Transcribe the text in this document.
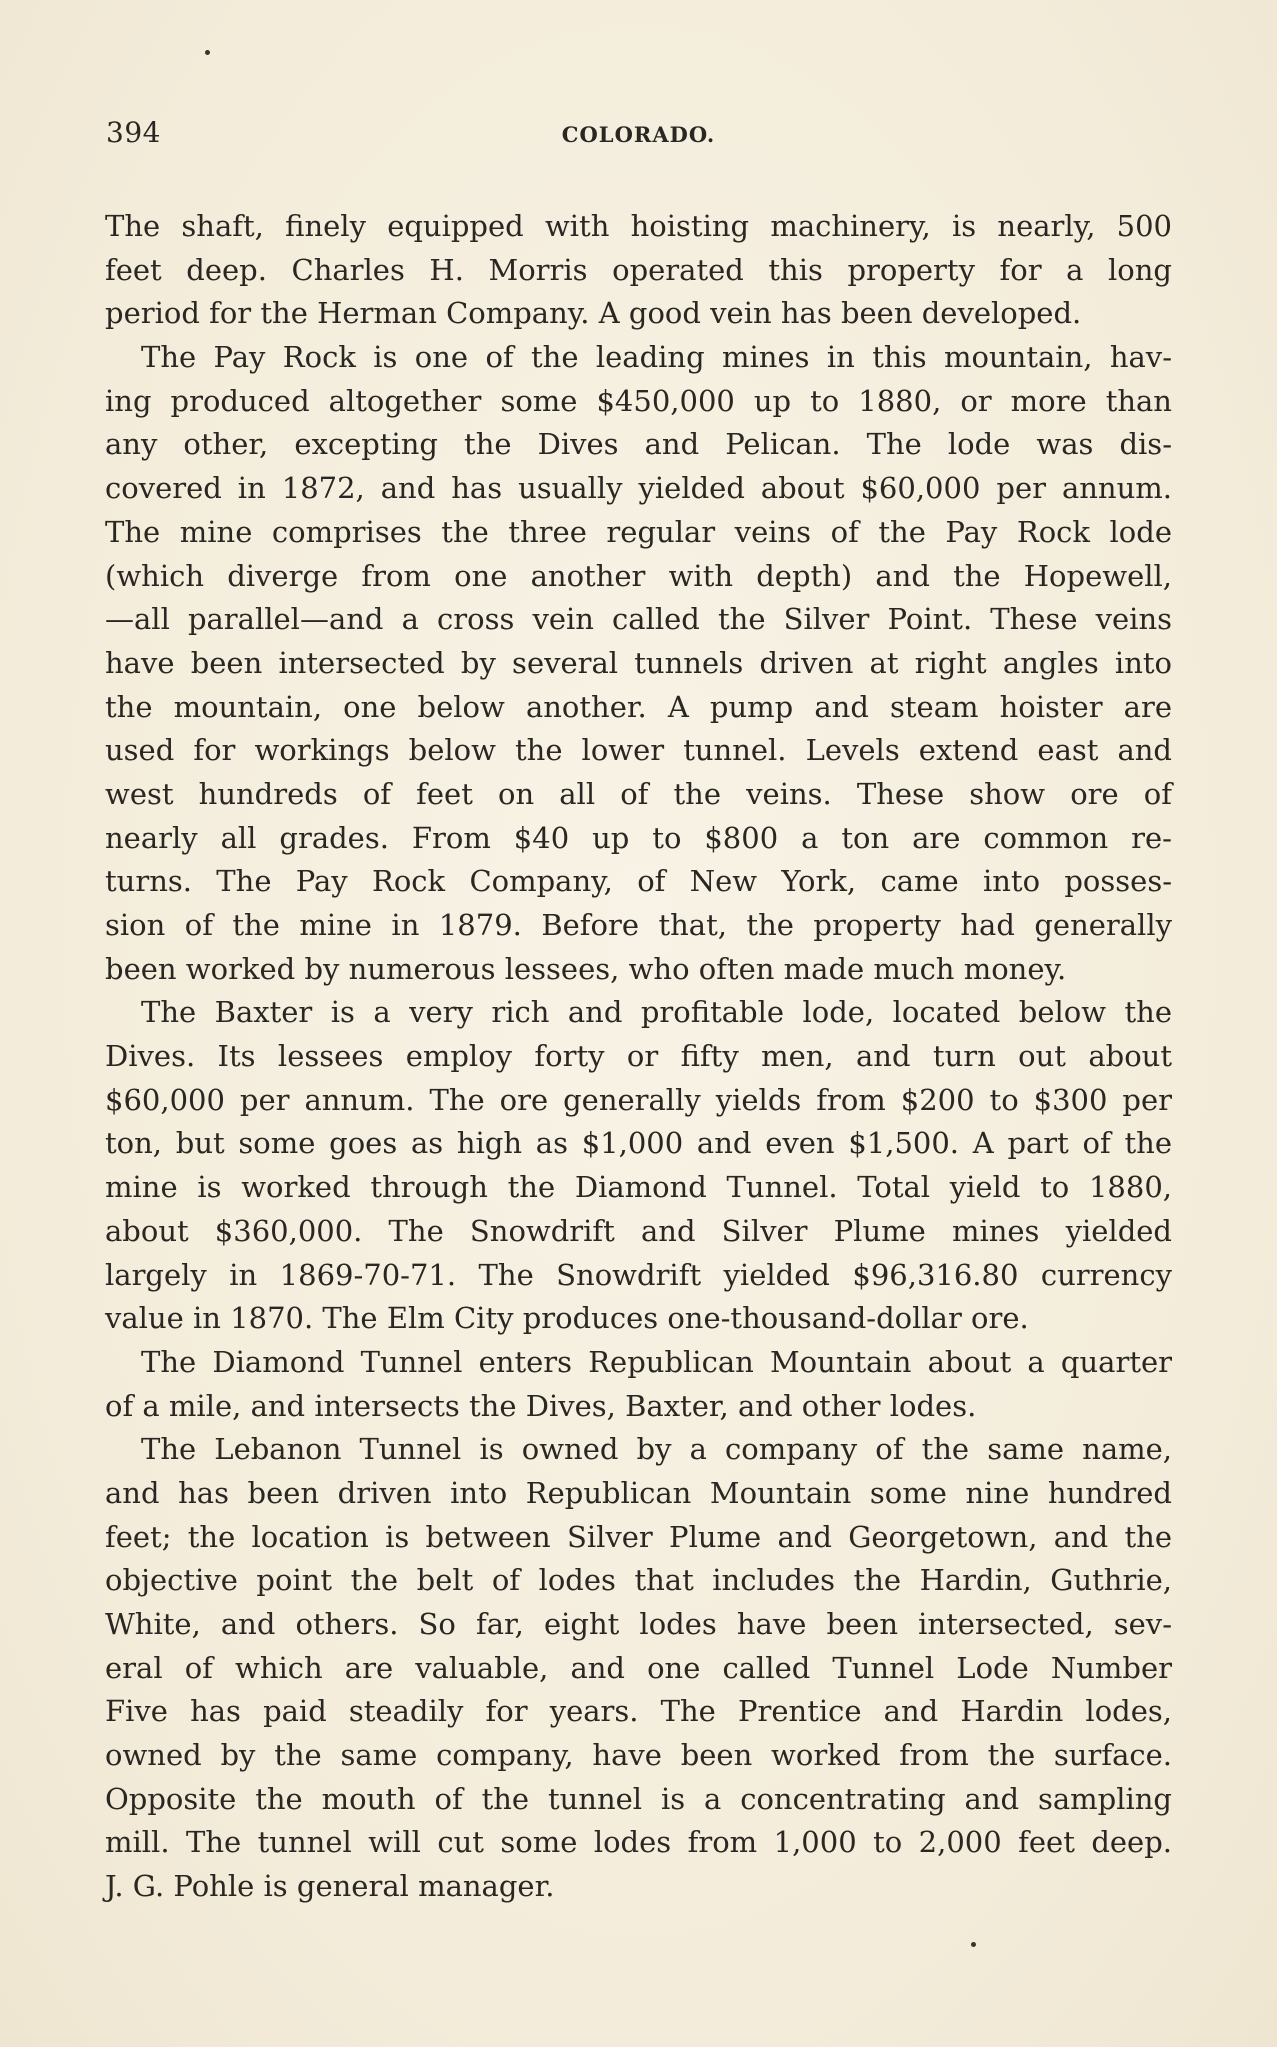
394	COLORADO.
The shaft, finely equipped with hoisting machinery, is nearly, 500
feet deep. Charles H. Morris operated this property for a long
period for the Herman Company. A good vein has been developed.
The Pay Rock is one of the leading mines in this mountain, hav-
ing produced altogether some $450,000 up to 1880, or more than
any other, excepting the Dives and Pelican. The lode was dis-
covered in 1872, and has usually yielded about $60,000 per annum.
The mine comprises the three regular veins of the Pay Rock lode
(which diverge from one another with depth) and the Hopewell,
—all parallel—and a cross vein called the Silver Point. These veins
have been intersected by several tunnels driven at right angles into
the mountain, one below another. A pump and steam hoister are
used for workings below the lower tunnel. Levels extend east and
west hundreds of feet on all of the veins. These show ore of
nearly all grades. From $40 up to $800 a ton are common re-
turns. The Pay Rock Company, of New York, came into posses-
sion of the mine in 1879. Before that, the property had generally
been worked by numerous lessees, who often made much money.
The Baxter is a very rich and profitable lode, located below the
Dives. Its lessees employ forty or fifty men, and turn out about
$60,000 per annum. The ore generally yields from $200 to $300 per
ton, but some goes as high as $1,000 and even $1,500. A part of the
mine is worked through the Diamond Tunnel. Total yield to 1880,
about $360,000. The Snowdrift and Silver Plume mines yielded
largely in 1869-70-71. The Snowdrift yielded $96,316.80 currency
value in 1870. The Elm City produces one-thousand-dollar ore.
The Diamond Tunnel enters Republican Mountain about a quarter
of a mile, and intersects the Dives, Baxter, and other lodes.
The Lebanon Tunnel is owned by a company of the same name,
and has been driven into Republican Mountain some nine hundred
feet; the location is between Silver Plume and Georgetown, and the
objective point the belt of lodes that includes the Hardin, Guthrie,
White, and others. So far, eight lodes have been intersected, sev-
eral of which are valuable, and one called Tunnel Lode Number
Five has paid steadily for years. The Prentice and Hardin lodes,
owned by the same company, have been worked from the surface.
Opposite the mouth of the tunnel is a concentrating and sampling
mill. The tunnel will cut some lodes from 1,000 to 2,000 feet deep.
J. G. Pohle is general manager.
